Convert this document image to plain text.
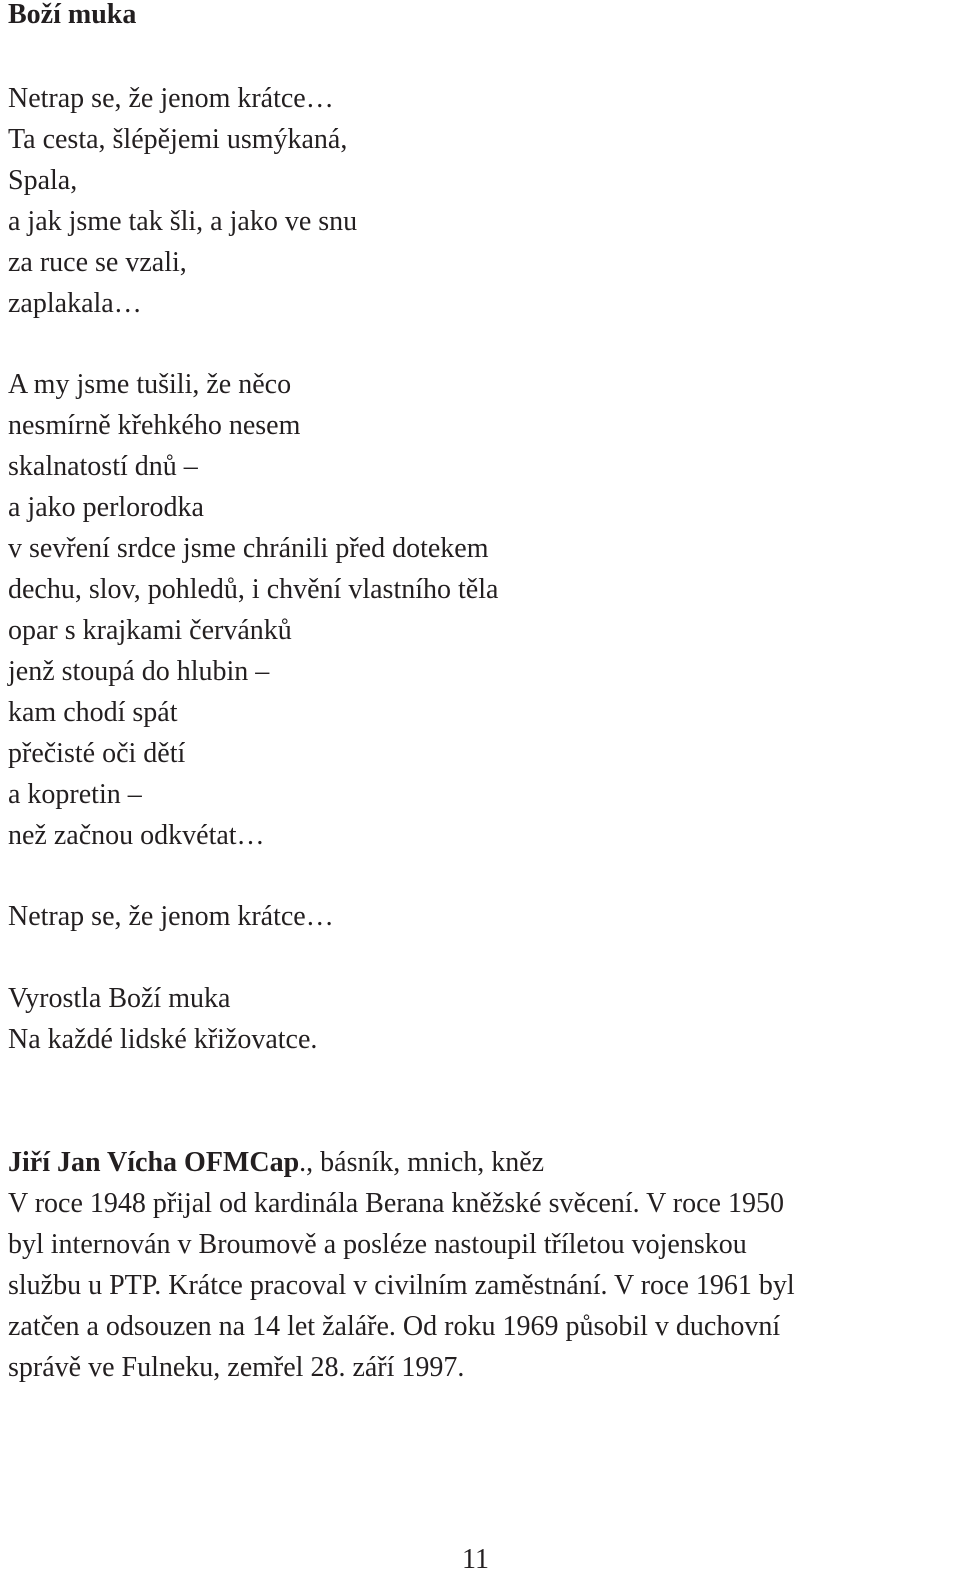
Boží muka
Netrap se, že jenom krátce…
Ta cesta, šlépějemi usmýkaná,
Spala,
a jak jsme tak šli, a jako ve snu
za ruce se vzali,
zaplakala…
A my jsme tušili, že něco
nesmírně křehkého nesem
skalnatostí dnů –
a jako perlorodka
v sevření srdce jsme chránili před dotekem
dechu, slov, pohledů, i chvění vlastního těla
opar s krajkami červánků
jenž stoupá do hlubin –
kam chodí spát
přečisté oči dětí
a kopretin –
než začnou odkvétat…
Netrap se, že jenom krátce…
Vyrostla Boží muka
Na každé lidské křižovatce.
Jiří Jan Vícha OFMCap., básník, mnich, kněz
V roce 1948 přijal od kardinála Berana kněžské svěcení. V roce 1950
byl internován v Broumově a posléze nastoupil tříletou vojenskou
službu u PTP. Krátce pracoval v civilním zaměstnání. V roce 1961 byl
zatčen a odsouzen na 14 let žaláře. Od roku 1969 působil v duchovní
správě ve Fulneku, zemřel 28. září 1997.

11
